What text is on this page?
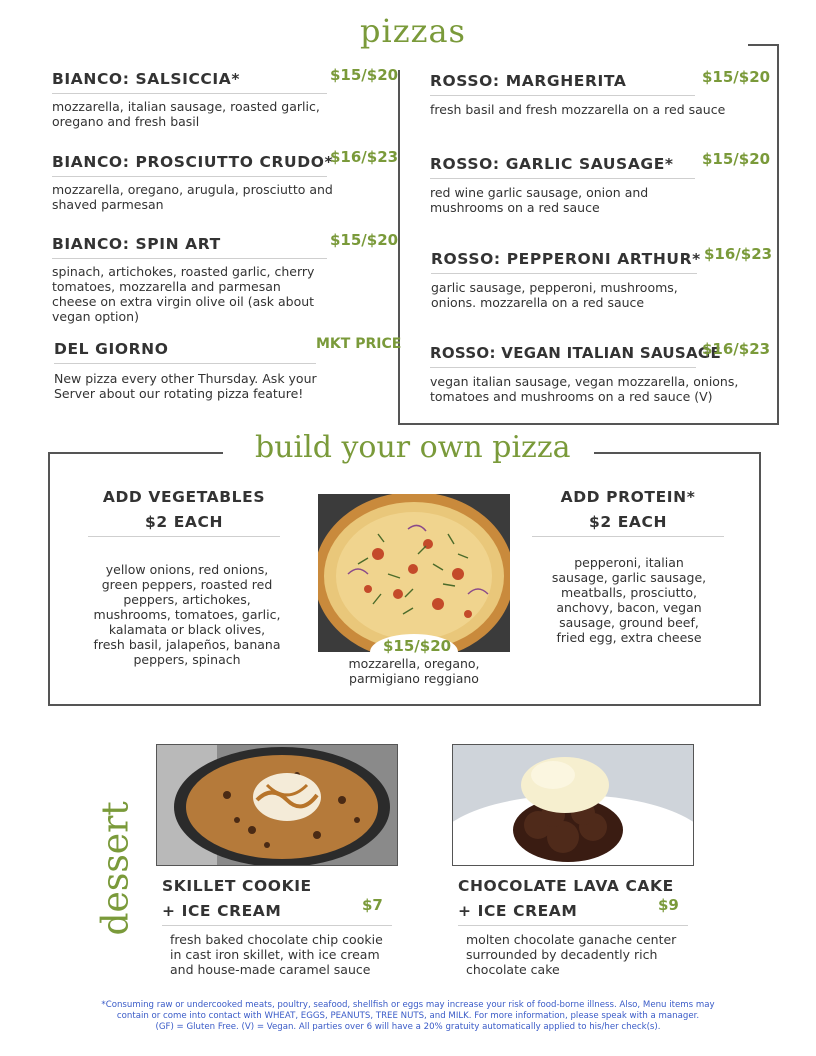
pizzas
BIANCO: SALSICCIA*	$15/$20
mozzarella, italian sausage, roasted garlic, oregano and fresh basil
BIANCO: PROSCIUTTO CRUDO*
$16/$23
mozzarella, oregano, arugula, prosciutto and shaved parmesan
BIANCO: SPIN ART	$15/$20
spinach, artichokes, roasted garlic, cherry tomatoes, mozzarella and parmesan cheese on extra virgin olive oil (ask about vegan option)
DEL GIORNO	MKT PRICE
New pizza every other Thursday. Ask your Server about our rotating pizza feature!
ROSSO: MARGHERITA	$15/$20
fresh basil and fresh mozzarella on a red sauce
ROSSO: GARLIC SAUSAGE* $15/$20
red wine garlic sausage, onion and mushrooms on a red sauce
ROSSO: PEPPERONI ARTHUR* $16/$23
garlic sausage, pepperoni, mushrooms, onions. mozzarella on a red sauce
ROSSO: VEGAN ITALIAN SAUSAGE
$16/$23
vegan italian sausage, vegan mozzarella, onions, tomatoes and mushrooms on a red sauce (V)
build your own pizza
ADD VEGETABLES
$2 EACH
yellow onions, red onions, green peppers, roasted red peppers, artichokes, mushrooms, tomatoes, garlic, kalamata or black olives, fresh basil, jalapeños, banana peppers, spinach
$15/$20
mozzarella, oregano, parmigiano reggiano
ADD PROTEIN*
$2 EACH
pepperoni, italian sausage, garlic sausage, meatballs, prosciutto, anchovy, bacon, vegan sausage, ground beef, fried egg, extra cheese
dessert SKILLET COOKIE
+ ICE CREAM	$7
fresh baked chocolate chip cookie in cast iron skillet, with ice cream and house-made caramel sauce
CHOCOLATE LAVA CAKE
+ ICE CREAM	$9
molten chocolate ganache center surrounded by decadently rich chocolate cake
*Consuming raw or undercooked meats, poultry, seafood, shellfish or eggs may increase your risk of food-borne illness. Also, Menu items may
contain or come into contact with WHEAT, EGGS, PEANUTS, TREE NUTS, and MILK. For more information, please speak with a manager.
(GF) = Gluten Free. (V) = Vegan. All parties over 6 will have a 20% gratuity automatically applied to his/her check(s).
